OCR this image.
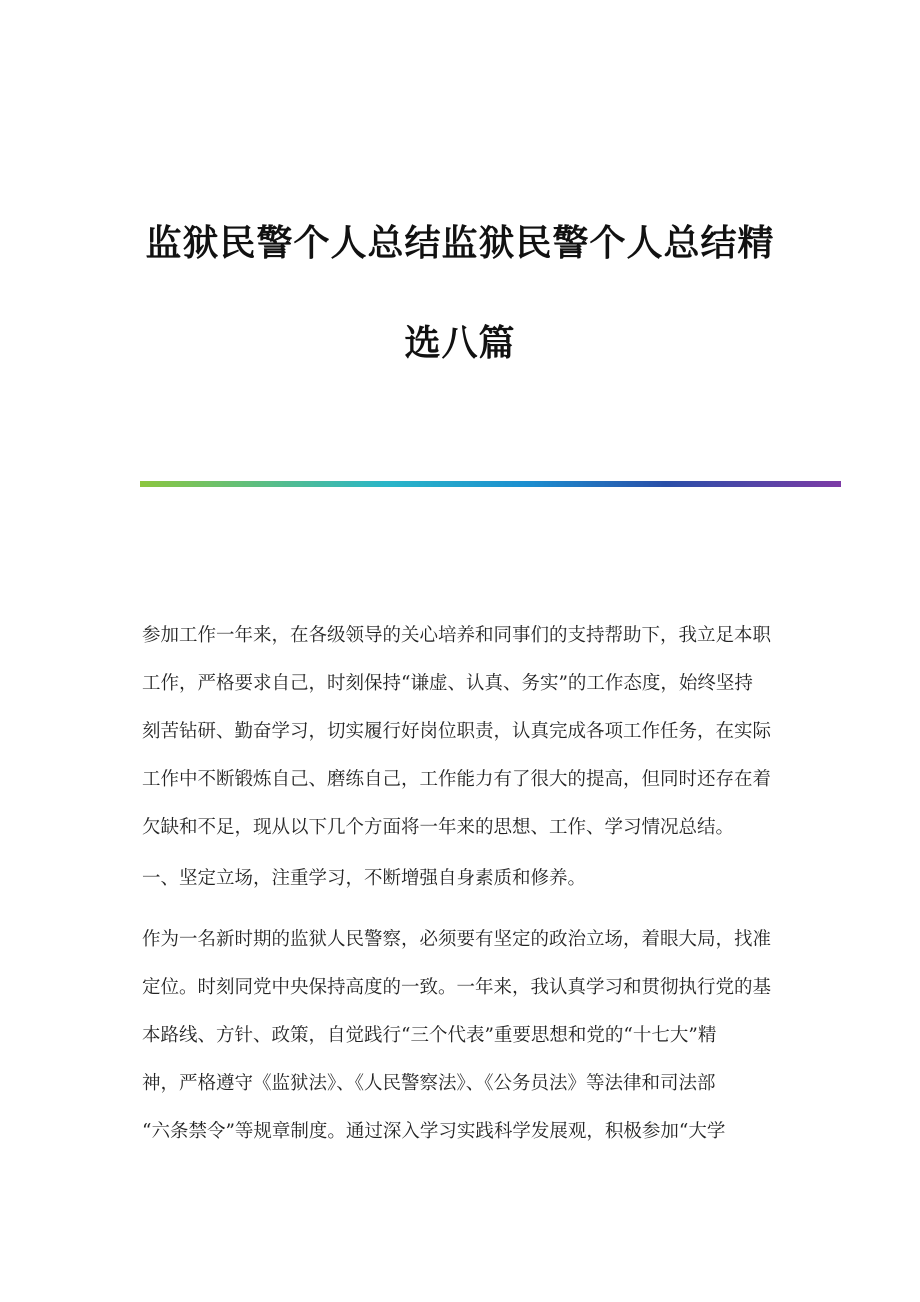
监狱民警个人总结监狱民警个人总结精
选八篇
参加工作一年来，在各级领导的关心培养和同事们的支持帮助下，我立足本职
工作，严格要求自己，时刻保持“谦虚、认真、务实”的工作态度，始终坚持
刻苦钻研、勤奋学习，切实履行好岗位职责，认真完成各项工作任务，在实际
工作中不断锻炼自己、磨练自己，工作能力有了很大的提高，但同时还存在着
欠缺和不足，现从以下几个方面将一年来的思想、工作、学习情况总结。
一、坚定立场，注重学习，不断增强自身素质和修养。
作为一名新时期的监狱人民警察，必须要有坚定的政治立场，着眼大局，找准
定位。时刻同党中央保持高度的一致。一年来，我认真学习和贯彻执行党的基
本路线、方针、政策，自觉践行“三个代表”重要思想和党的“十七大”精
神，严格遵守《监狱法》、《人民警察法》、《公务员法》等法律和司法部
“六条禁令”等规章制度。通过深入学习实践科学发展观，积极参加“大学
